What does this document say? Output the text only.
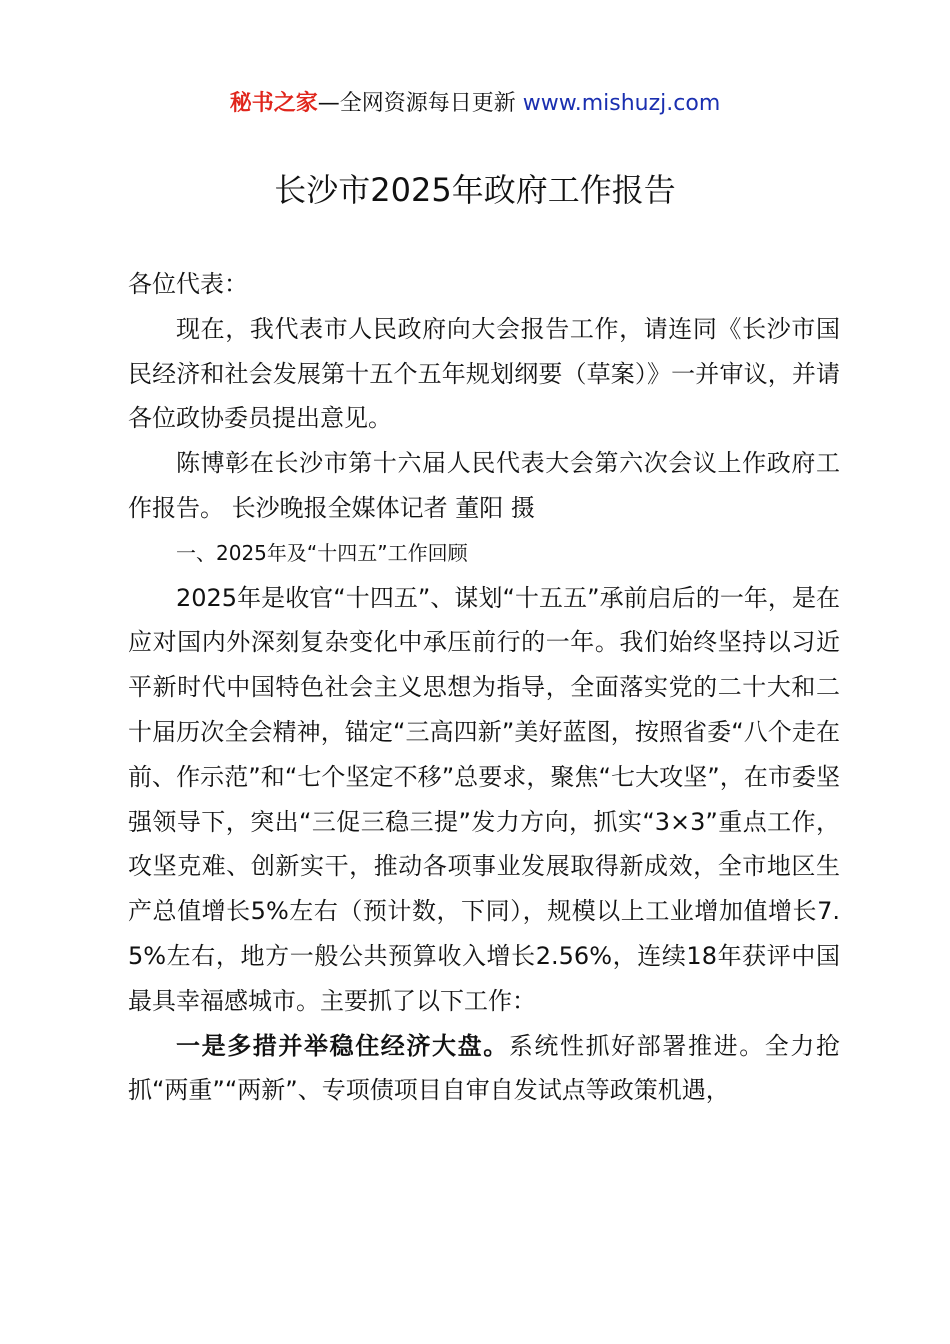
秘书之家—全网资源每日更新 www.mishuzj.com
长沙市2025年政府工作报告

各位代表：

现在，我代表市人民政府向大会报告工作，请连同《长沙市国民经济和社会发展第十五个五年规划纲要（草案）》一并审议，并请各位政协委员提出意见。

陈博彰在长沙市第十六届人民代表大会第六次会议上作政府工作报告。 长沙晚报全媒体记者 董阳 摄

一、2025年及“十四五”工作回顾

2025年是收官“十四五”、谋划“十五五”承前启后的一年，是在应对国内外深刻复杂变化中承压前行的一年。我们始终坚持以习近平新时代中国特色社会主义思想为指导，全面落实党的二十大和二十届历次全会精神，锚定“三高四新”美好蓝图，按照省委“八个走在前、作示范”和“七个坚定不移”总要求，聚焦“七大攻坚”，在市委坚强领导下，突出“三促三稳三提”发力方向，抓实“3×3”重点工作，攻坚克难、创新实干，推动各项事业发展取得新成效，全市地区生产总值增长5%左右（预计数，下同），规模以上工业增加值增长7.5%左右，地方一般公共预算收入增长2.56%，连续18年获评中国最具幸福感城市。主要抓了以下工作：

一是多措并举稳住经济大盘。系统性抓好部署推进。全力抢抓“两重”“两新”、专项债项目自审自发试点等政策机遇，
